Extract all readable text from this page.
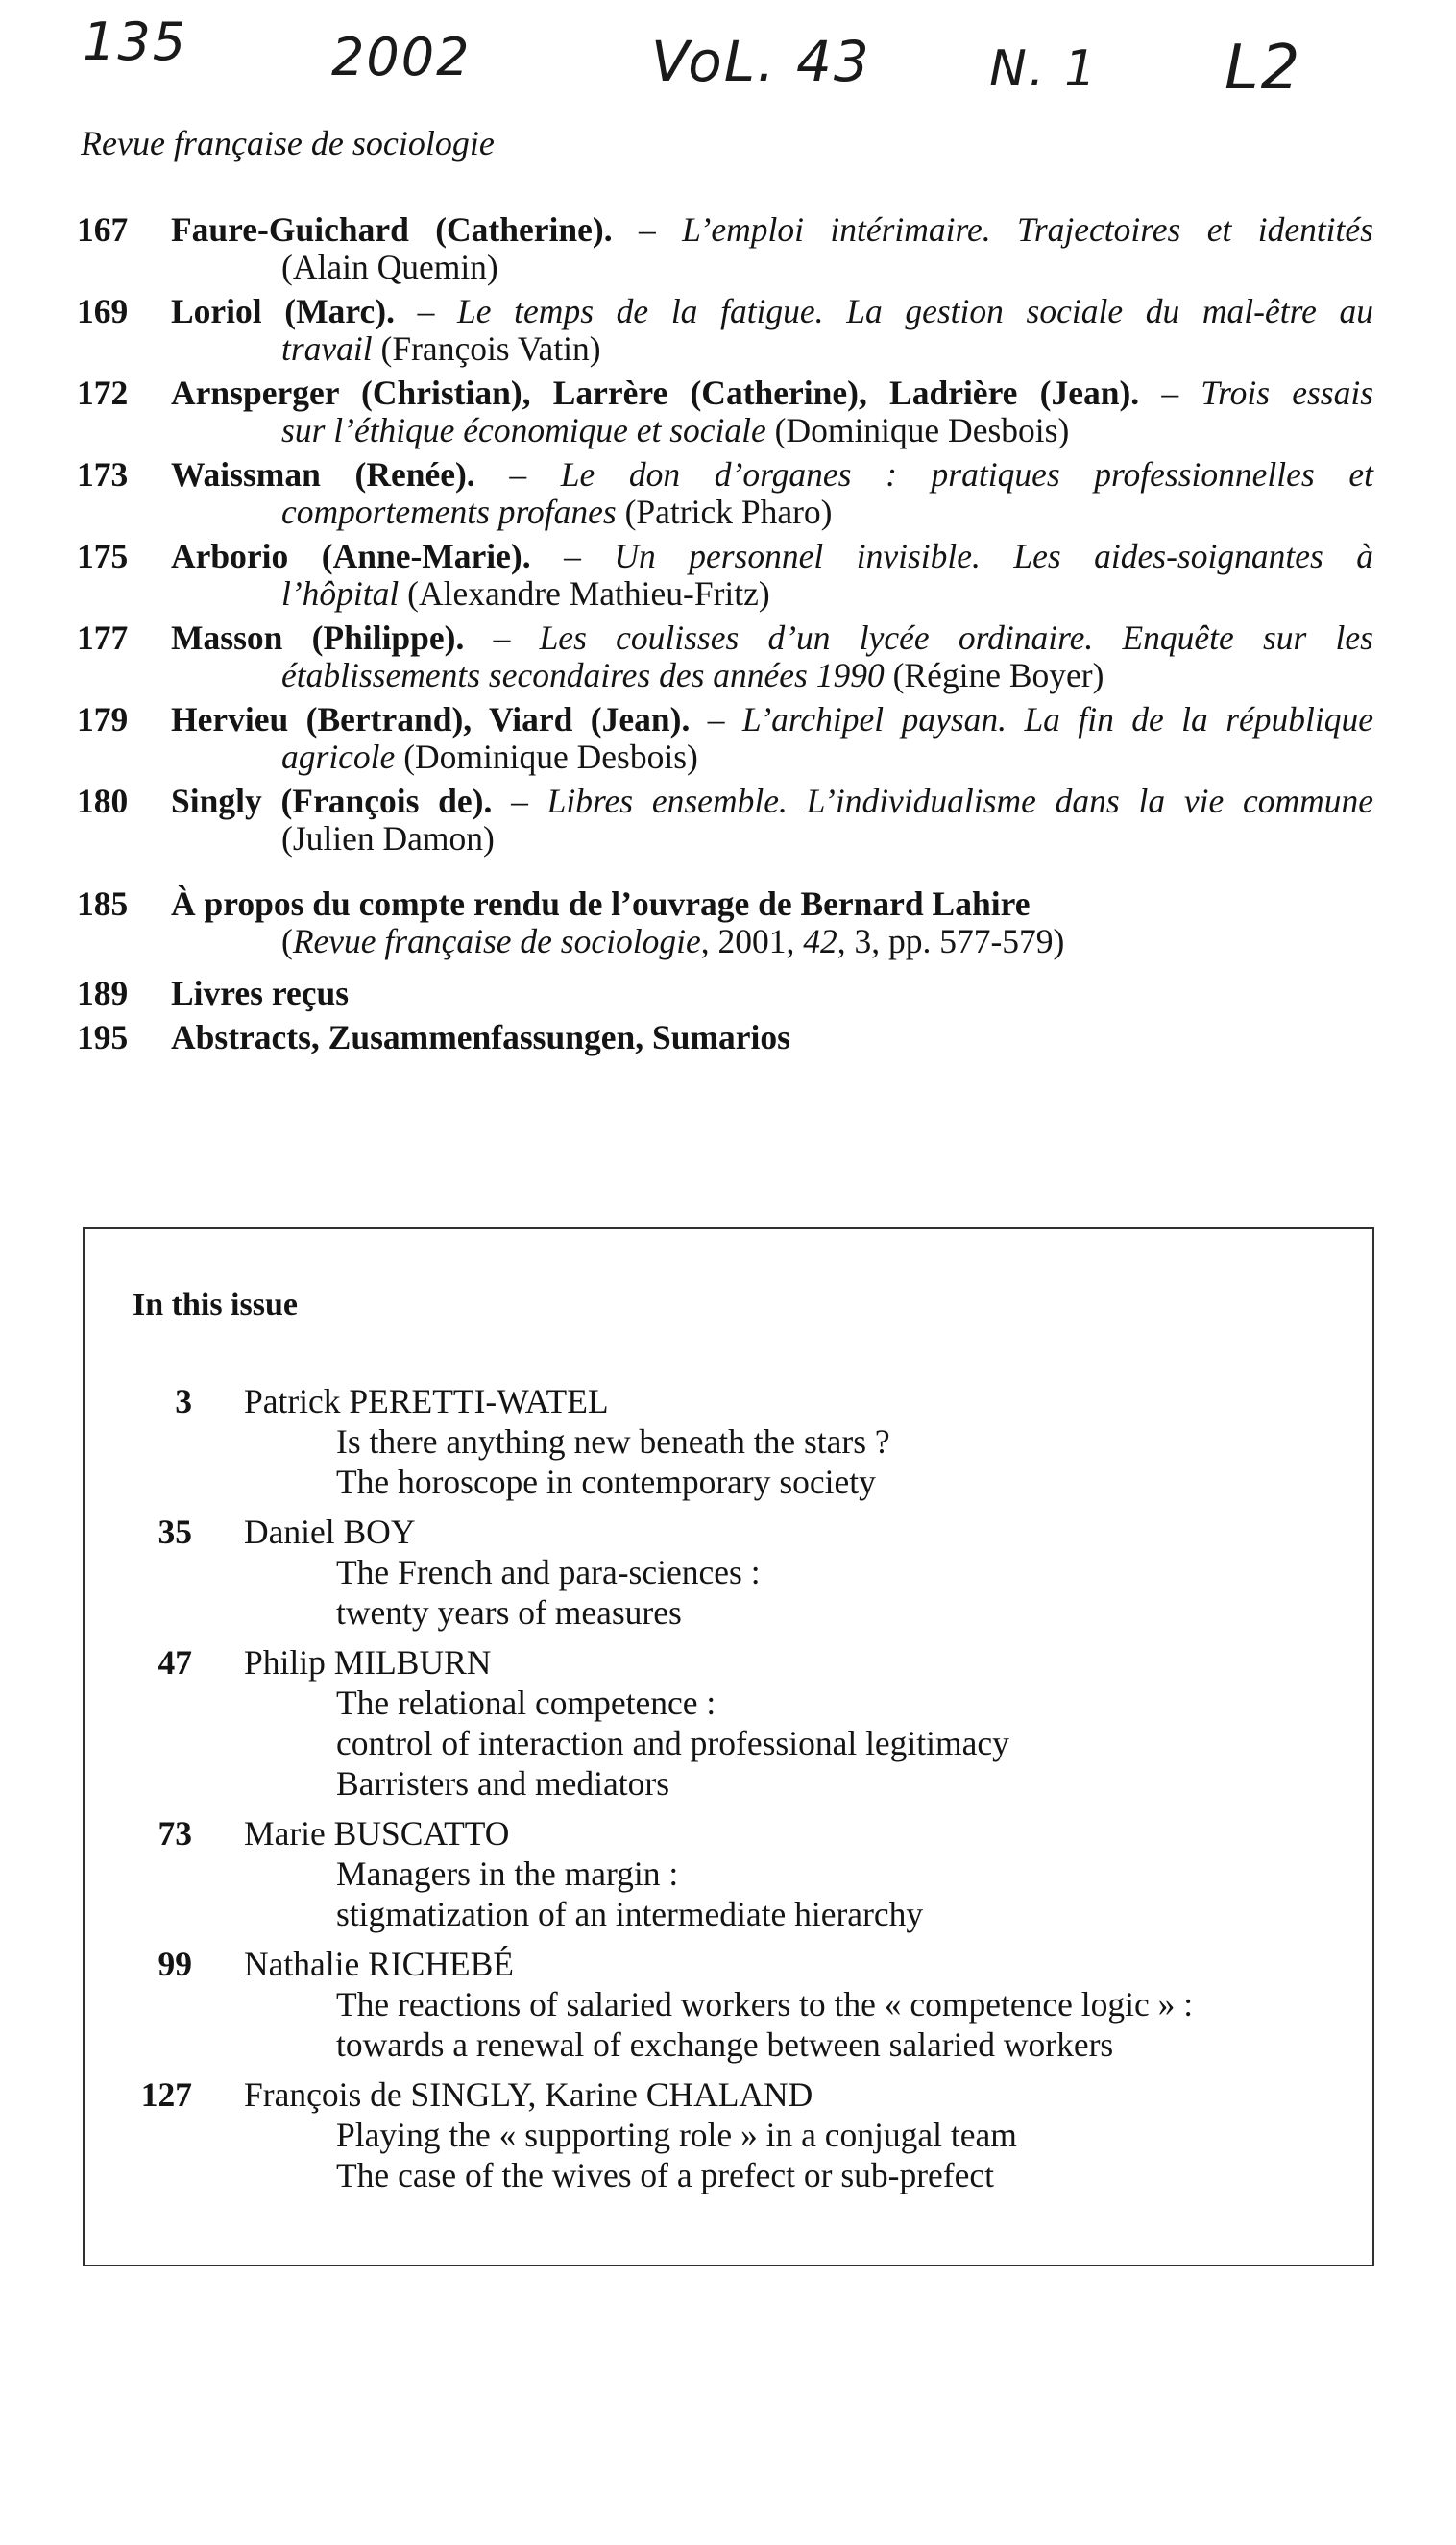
135	2002	VoL. 43 N. 1 L2
Revue française de sociologie
167	Faure-Guichard (Catherine). – L’emploi intérimaire. Trajectoires et identités
(Alain Quemin)
169	Loriol (Marc). – Le temps de la fatigue. La gestion sociale du mal-être au
travail (François Vatin)
172	Arnsperger (Christian), Larrère (Catherine), Ladrière (Jean). – Trois essais
sur l’éthique économique et sociale (Dominique Desbois)
173	Waissman (Renée). – Le don d’organes : pratiques professionnelles et
comportements profanes (Patrick Pharo)
175	Arborio (Anne-Marie). – Un personnel invisible. Les aides-soignantes à
l’hôpital (Alexandre Mathieu-Fritz)
177	Masson (Philippe). – Les coulisses d’un lycée ordinaire. Enquête sur les
établissements secondaires des années 1990 (Régine Boyer)
179	Hervieu (Bertrand), Viard (Jean). – L’archipel paysan. La fin de la république
agricole (Dominique Desbois)
180	Singly (François de). – Libres ensemble. L’individualisme dans la vie commune
(Julien Damon)
185	À propos du compte rendu de l’ouvrage de Bernard Lahire
(Revue française de sociologie, 2001, 42, 3, pp. 577-579)
189	Livres reçus
195	Abstracts, Zusammenfassungen, Sumarios
In this issue
3	Patrick PERETTI-WATEL
Is there anything new beneath the stars ?
The horoscope in contemporary society
35	Daniel BOY
The French and para-sciences :
twenty years of measures
47	Philip MILBURN
The relational competence :
control of interaction and professional legitimacy
Barristers and mediators
73	Marie BUSCATTO
Managers in the margin :
stigmatization of an intermediate hierarchy
99	Nathalie RICHEBÉ
The reactions of salaried workers to the « competence logic » :
towards a renewal of exchange between salaried workers
127	François de SINGLY, Karine CHALAND
Playing the « supporting role » in a conjugal team
The case of the wives of a prefect or sub-prefect
